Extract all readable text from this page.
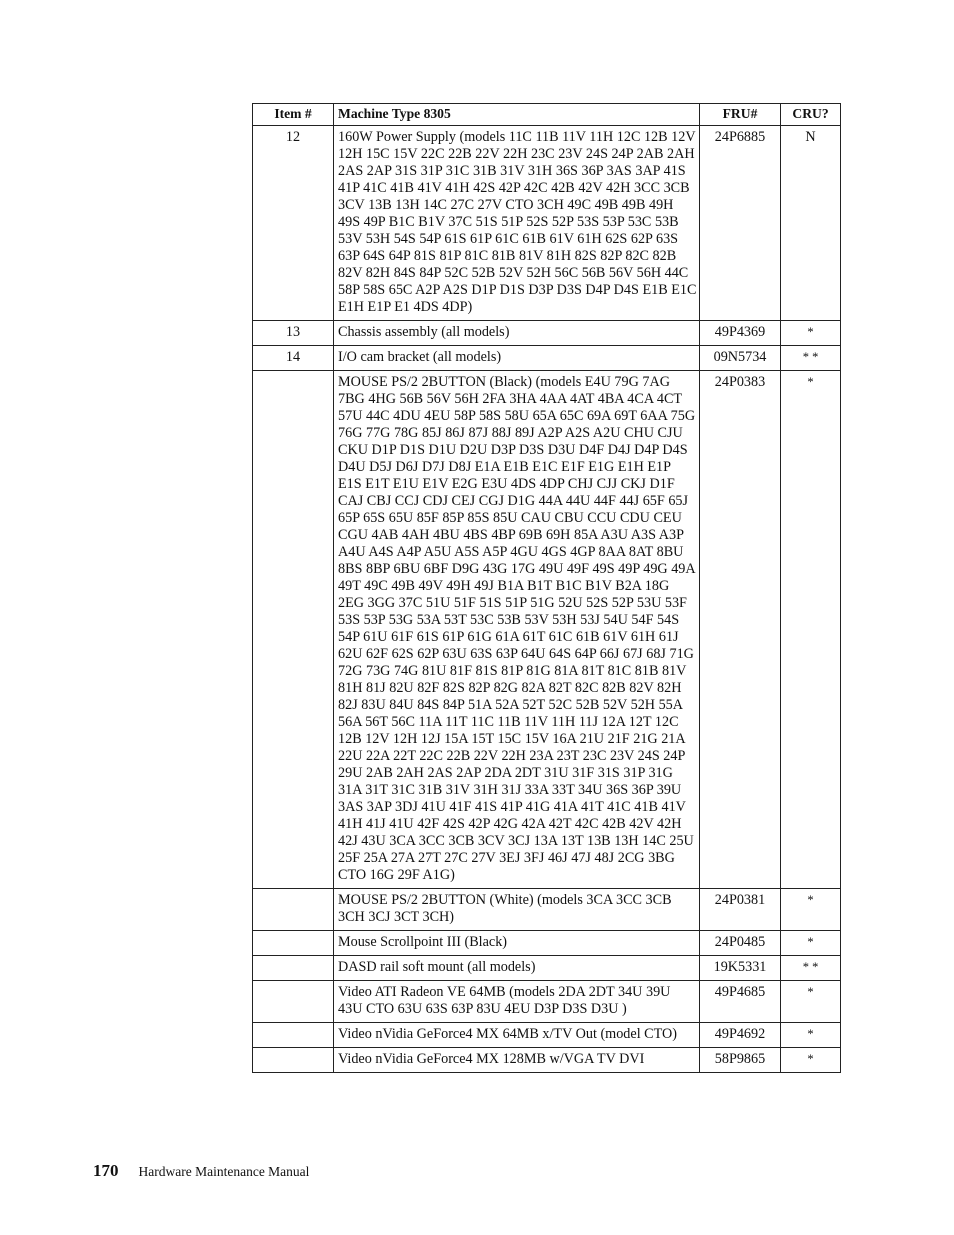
Item #	Machine Type 8305	FRU#	CRU?
12	160W Power Supply (models 11C 11B 11V 11H 12C 12B 12V 12H 15C 15V 22C 22B 22V 22H 23C 23V 24S 24P 2AB 2AH 2AS 2AP 31S 31P 31C 31B 31V 31H 36S 36P 3AS 3AP 41S 41P 41C 41B 41V 41H 42S 42P 42C 42B 42V 42H 3CC 3CB 3CV 13B 13H 14C 27C 27V CTO 3CH 49C 49B 49B 49H 49S 49P B1C B1V 37C 51S 51P 52S 52P 53S 53P 53C 53B 53V 53H 54S 54P 61S 61P 61C 61B 61V 61H 62S 62P 63S 63P 64S 64P 81S 81P 81C 81B 81V 81H 82S 82P 82C 82B 82V 82H 84S 84P 52C 52B 52V 52H 56C 56B 56V 56H 44C 58P 58S 65C A2P A2S D1P D1S D3P D3S D4P D4S E1B E1C E1H E1P E1 4DS 4DP)	24P6885	N
13	Chassis assembly (all models)	49P4369	*
14	I/O cam bracket (all models)	09N5734	* *
	MOUSE PS/2 2BUTTON (Black) (models E4U 79G 7AG 7BG 4HG 56B 56V 56H 2FA 3HA 4AA 4AT 4BA 4CA 4CT 57U 44C 4DU 4EU 58P 58S 58U 65A 65C 69A 69T 6AA 75G 76G 77G 78G 85J 86J 87J 88J 89J A2P A2S A2U CHU CJU CKU D1P D1S D1U D2U D3P D3S D3U D4F D4J D4P D4S D4U D5J D6J D7J D8J E1A E1B E1C E1F E1G E1H E1P E1S E1T E1U E1V E2G E3U 4DS 4DP CHJ CJJ CKJ D1F CAJ CBJ CCJ CDJ CEJ CGJ D1G 44A 44U 44F 44J 65F 65J 65P 65S 65U 85F 85P 85S 85U CAU CBU CCU CDU CEU CGU 4AB 4AH 4BU 4BS 4BP 69B 69H 85A A3U A3S A3P A4U A4S A4P A5U A5S A5P 4GU 4GS 4GP 8AA 8AT 8BU 8BS 8BP 6BU 6BF D9G 43G 17G 49U 49F 49S 49P 49G 49A 49T 49C 49B 49V 49H 49J B1A B1T B1C B1V B2A 18G 2EG 3GG 37C 51U 51F 51S 51P 51G 52U 52S 52P 53U 53F 53S 53P 53G 53A 53T 53C 53B 53V 53H 53J 54U 54F 54S 54P 61U 61F 61S 61P 61G 61A 61T 61C 61B 61V 61H 61J 62U 62F 62S 62P 63U 63S 63P 64U 64S 64P 66J 67J 68J 71G 72G 73G 74G 81U 81F 81S 81P 81G 81A 81T 81C 81B 81V 81H 81J 82U 82F 82S 82P 82G 82A 82T 82C 82B 82V 82H 82J 83U 84U 84S 84P 51A 52A 52T 52C 52B 52V 52H 55A 56A 56T 56C 11A 11T 11C 11B 11V 11H 11J 12A 12T 12C 12B 12V 12H 12J 15A 15T 15C 15V 16A 21U 21F 21G 21A 22U 22A 22T 22C 22B 22V 22H 23A 23T 23C 23V 24S 24P 29U 2AB 2AH 2AS 2AP 2DA 2DT 31U 31F 31S 31P 31G 31A 31T 31C 31B 31V 31H 31J 33A 33T 34U 36S 36P 39U 3AS 3AP 3DJ 41U 41F 41S 41P 41G 41A 41T 41C 41B 41V 41H 41J 41U 42F 42S 42P 42G 42A 42T 42C 42B 42V 42H 42J 43U 3CA 3CC 3CB 3CV 3CJ 13A 13T 13B 13H 14C 25U 25F 25A 27A 27T 27C 27V 3EJ 3FJ 46J 47J 48J 2CG 3BG CTO 16G 29F A1G)	24P0383	*
	MOUSE PS/2 2BUTTON (White) (models 3CA 3CC 3CB 3CH 3CJ 3CT 3CH)	24P0381	*
	Mouse Scrollpoint III (Black)	24P0485	*
	DASD rail soft mount (all models)	19K5331	* *
	Video ATI Radeon VE 64MB (models 2DA 2DT 34U 39U 43U CTO 63U 63S 63P 83U 4EU D3P D3S D3U )	49P4685	*
	Video nVidia GeForce4 MX 64MB x/TV Out (model CTO)	49P4692	*
	Video nVidia GeForce4 MX 128MB w/VGA TV DVI	58P9865	*
170 Hardware Maintenance Manual
